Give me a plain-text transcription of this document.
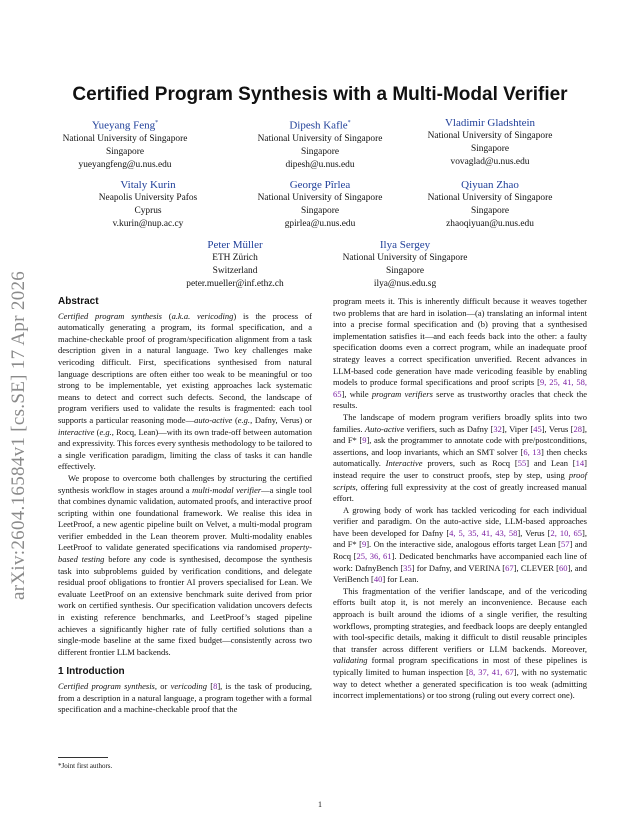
arXiv:2604.16584v1 [cs.SE] 17 Apr 2026
Certified Program Synthesis with a Multi-Modal Verifier
Yueyang Feng*
National University of Singapore
Singapore
yueyangfeng@u.nus.edu
Dipesh Kafle*
National University of Singapore
Singapore
dipesh@u.nus.edu
Vladimir Gladshtein
National University of Singapore
Singapore
vovaglad@u.nus.edu
Vitaly Kurin
Neapolis University Pafos
Cyprus
v.kurin@nup.ac.cy
George Pîrlea
National University of Singapore
Singapore
gpirlea@u.nus.edu
Qiyuan Zhao
National University of Singapore
Singapore
zhaoqiyuan@u.nus.edu
Peter Müller
ETH Zürich
Switzerland
peter.mueller@inf.ethz.ch
Ilya Sergey
National University of Singapore
Singapore
ilya@nus.edu.sg
Abstract

Certified program synthesis (a.k.a. vericoding) is the process of automatically generating a program, its formal specification, and a machine-checkable proof of program/specification alignment from a task description given in a natural language. Two key challenges make vericoding difficult. First, specifications synthesised from natural language descriptions are often either too weak to be meaningful or too strong to be implementable, yet existing approaches lack systematic means to detect and correct such defects. Second, the landscape of program verifiers used to validate the results is fragmented: each tool supports a particular reasoning mode—auto-active (e.g., Dafny, Verus) or interactive (e.g., Rocq, Lean)—with its own trade-off between automation and expressivity. This forces every synthesis methodology to be tailored to a single verification paradigm, limiting the class of tasks it can handle effectively.

We propose to overcome both challenges by structuring the certified synthesis workflow in stages around a multi-modal verifier—a single tool that combines dynamic validation, automated proofs, and interactive proof scripting within one foundational framework. We realise this idea in LeetProof, a new agentic pipeline built on Velvet, a multi-modal program verifier embedded in the Lean theorem prover. Multi-modality enables LeetProof to validate generated specifications via randomised property-based testing before any code is synthesised, decompose the synthesis task into subproblems guided by verification conditions, and delegate residual proof obligations to frontier AI provers specialised for Lean. We evaluate LeetProof on an extensive benchmark suite derived from prior work on certified synthesis. Our specification validation uncovers defects in existing reference benchmarks, and LeetProof’s staged pipeline achieves a significantly higher rate of fully certified solutions than a single-mode baseline at the same fixed budget—consistently across two different frontier LLM backends.

1 Introduction

Certified program synthesis, or vericoding [8], is the task of producing, from a description in a natural language, a program together with a formal specification and a machine-checkable proof that the

program meets it. This is inherently difficult because it weaves together two problems that are hard in isolation—(a) translating an informal intent into a precise formal specification and (b) proving that a synthesised implementation satisfies it—and each feeds back into the other: a faulty specification dooms even a correct program, while an inadequate proof strategy leaves a correct specification unverified. Recent advances in LLM-based code generation have made vericoding feasible by enabling models to produce formal specifications and proof scripts [9, 25, 41, 58, 65], while program verifiers serve as trustworthy oracles that check the results.

The landscape of modern program verifiers broadly splits into two families. Auto-active verifiers, such as Dafny [32], Viper [45], Verus [28], and F* [9], ask the programmer to annotate code with pre/postconditions, assertions, and loop invariants, which an SMT solver [6, 13] then checks automatically. Interactive provers, such as Rocq [55] and Lean [14] instead require the user to construct proofs, step by step, using proof scripts, offering full expressivity at the cost of greatly increased manual effort.

A growing body of work has tackled vericoding for each individual verifier and paradigm. On the auto-active side, LLM-based approaches have been developed for Dafny [4, 5, 35, 41, 43, 58], Verus [2, 10, 65], and F* [9]. On the interactive side, analogous efforts target Lean [57] and Rocq [25, 36, 61]. Dedicated benchmarks have accompanied each line of work: DafnyBench [35] for Dafny, and VERINA [67], CLEVER [60], and VeriBench [40] for Lean.

This fragmentation of the verifier landscape, and of the vericoding efforts built atop it, is not merely an inconvenience. Because each approach is built around the idioms of a single verifier, the resulting workflows, prompting strategies, and feedback loops are deeply entangled with tool-specific details, making it difficult to distil reusable principles that transfer across different verifiers or LLM backends. Moreover, validating formal program specifications in most of these pipelines is typically limited to human inspection [8, 37, 41, 67], with no systematic way to detect whether a generated specification is too weak (admitting incorrect implementations) or too strong (ruling out every correct one).

*Joint first authors.
1
